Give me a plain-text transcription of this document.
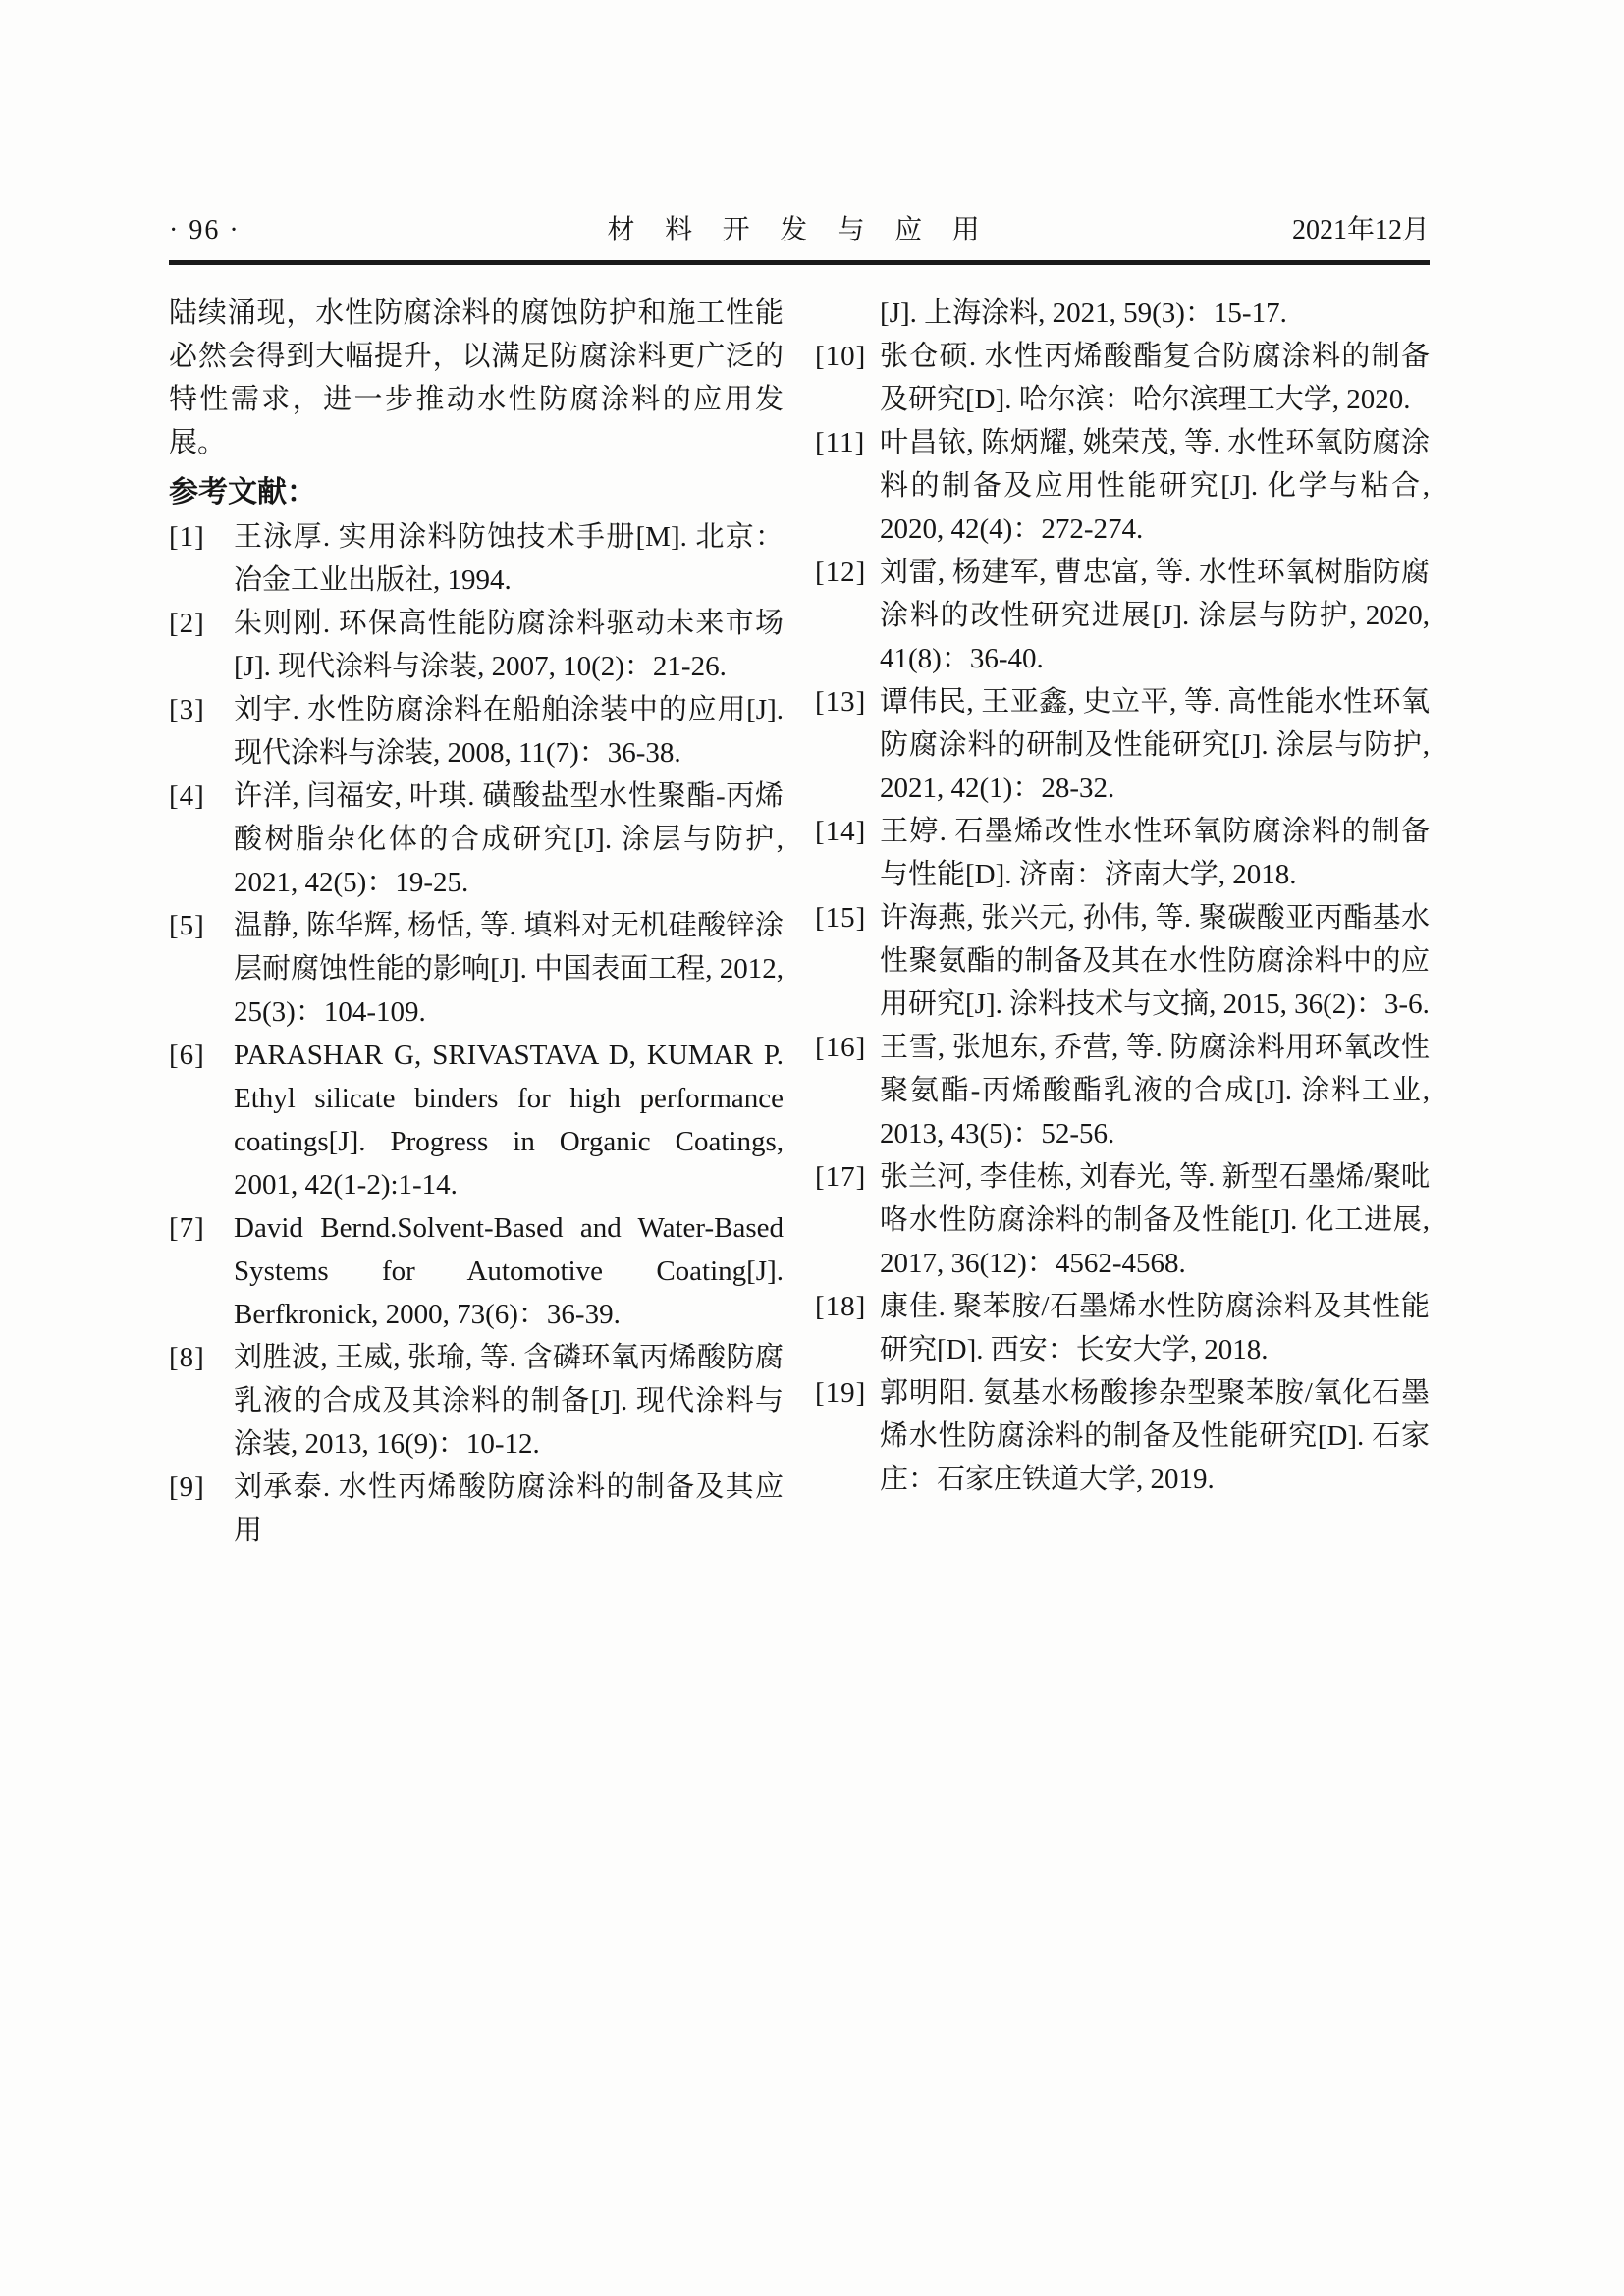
· 96 ·	材 料 开 发 与 应 用	2021年12月

陆续涌现，水性防腐涂料的腐蚀防护和施工性能必然会得到大幅提升，以满足防腐涂料更广泛的特性需求，进一步推动水性防腐涂料的应用发展。

参考文献：

[1]	王泳厚. 实用涂料防蚀技术手册[M]. 北京：冶金工业出版社, 1994.
[2]	朱则刚. 环保高性能防腐涂料驱动未来市场[J]. 现代涂料与涂装, 2007, 10(2)：21-26.
[3]	刘宇. 水性防腐涂料在船舶涂装中的应用[J]. 现代涂料与涂装, 2008, 11(7)：36-38.
[4]	许洋, 闫福安, 叶琪. 磺酸盐型水性聚酯-丙烯酸树脂杂化体的合成研究[J]. 涂层与防护, 2021, 42(5)：19-25.
[5]	温静, 陈华辉, 杨恬, 等. 填料对无机硅酸锌涂层耐腐蚀性能的影响[J]. 中国表面工程, 2012, 25(3)：104-109.
[6]	PARASHAR G, SRIVASTAVA D, KUMAR P. Ethyl silicate binders for high performance coatings[J]. Progress in Organic Coatings, 2001, 42(1-2):1-14.
[7]	David Bernd.Solvent-Based and Water-Based Systems for Automotive Coating[J]. Berfkronick, 2000, 73(6)：36-39.
[8]	刘胜波, 王威, 张瑜, 等. 含磷环氧丙烯酸防腐乳液的合成及其涂料的制备[J]. 现代涂料与涂装, 2013, 16(9)：10-12.
[9]	刘承泰. 水性丙烯酸防腐涂料的制备及其应用
[J]. 上海涂料, 2021, 59(3)：15-17.
[10] 张仓硕. 水性丙烯酸酯复合防腐涂料的制备及研究[D]. 哈尔滨：哈尔滨理工大学, 2020.
[11] 叶昌铱, 陈炳耀, 姚荣茂, 等. 水性环氧防腐涂料的制备及应用性能研究[J]. 化学与粘合, 2020, 42(4)：272-274.
[12] 刘雷, 杨建军, 曹忠富, 等. 水性环氧树脂防腐涂料的改性研究进展[J]. 涂层与防护, 2020, 41(8)：36-40.
[13] 谭伟民, 王亚鑫, 史立平, 等. 高性能水性环氧防腐涂料的研制及性能研究[J]. 涂层与防护, 2021, 42(1)：28-32.
[14] 王婷. 石墨烯改性水性环氧防腐涂料的制备与性能[D]. 济南：济南大学, 2018.
[15] 许海燕, 张兴元, 孙伟, 等. 聚碳酸亚丙酯基水性聚氨酯的制备及其在水性防腐涂料中的应用研究[J]. 涂料技术与文摘, 2015, 36(2)：3-6.
[16] 王雪, 张旭东, 乔营, 等. 防腐涂料用环氧改性聚氨酯-丙烯酸酯乳液的合成[J]. 涂料工业, 2013, 43(5)：52-56.
[17] 张兰河, 李佳栋, 刘春光, 等. 新型石墨烯/聚吡咯水性防腐涂料的制备及性能[J]. 化工进展, 2017, 36(12)：4562-4568.
[18] 康佳. 聚苯胺/石墨烯水性防腐涂料及其性能研究[D]. 西安：长安大学, 2018.
[19] 郭明阳. 氨基水杨酸掺杂型聚苯胺/氧化石墨烯水性防腐涂料的制备及性能研究[D]. 石家庄：石家庄铁道大学, 2019.
